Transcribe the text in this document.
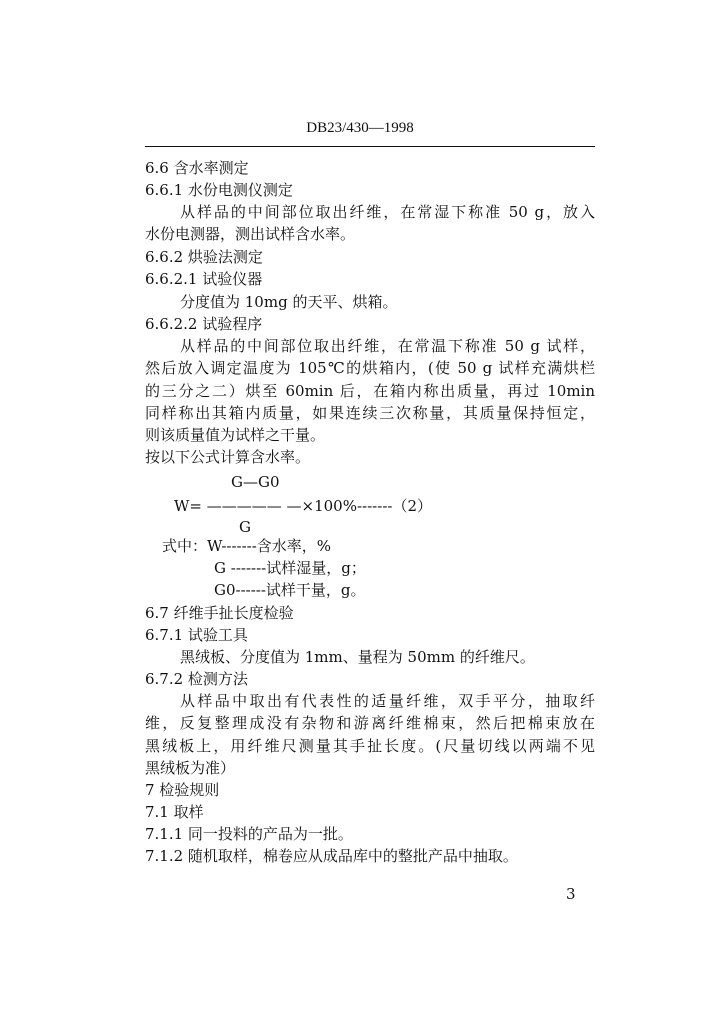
DB23/430—1998
6.6 含水率测定
6.6.1 水份电测仪测定
从样品的中间部位取出纤维，在常湿下称准 50 g，放入
水份电测器，测出试样含水率。
6.6.2 烘验法测定
6.6.2.1 试验仪器
分度值为 10mg 的天平、烘箱。
6.6.2.2 试验程序
从样品的中间部位取出纤维，在常温下称准 50 g 试样，
然后放入调定温度为 105℃的烘箱内，(使 50 g 试样充满烘栏
的三分之二）烘至 60min 后，在箱内称出质量，再过 10min
同样称出其箱内质量，如果连续三次称量，其质量保持恒定，
则该质量值为试样之干量。
按以下公式计算含水率。
G—G0
W= ————— —×100%-------（2）
G
式中：W-------含水率，%
G -------试样湿量，g；
G0------试样干量，g。
6.7 纤维手扯长度检验
6.7.1 试验工具
黑绒板、分度值为 1mm、量程为 50mm 的纤维尺。
6.7.2 检测方法
从样品中取出有代表性的适量纤维，双手平分，抽取纤
维，反复整理成没有杂物和游离纤维棉束，然后把棉束放在
黑绒板上，用纤维尺测量其手扯长度。(尺量切线以两端不见
黑绒板为准）
7 检验规则
7.1 取样
7.1.1 同一投料的产品为一批。
7.1.2 随机取样，棉卷应从成品库中的整批产品中抽取。
3
